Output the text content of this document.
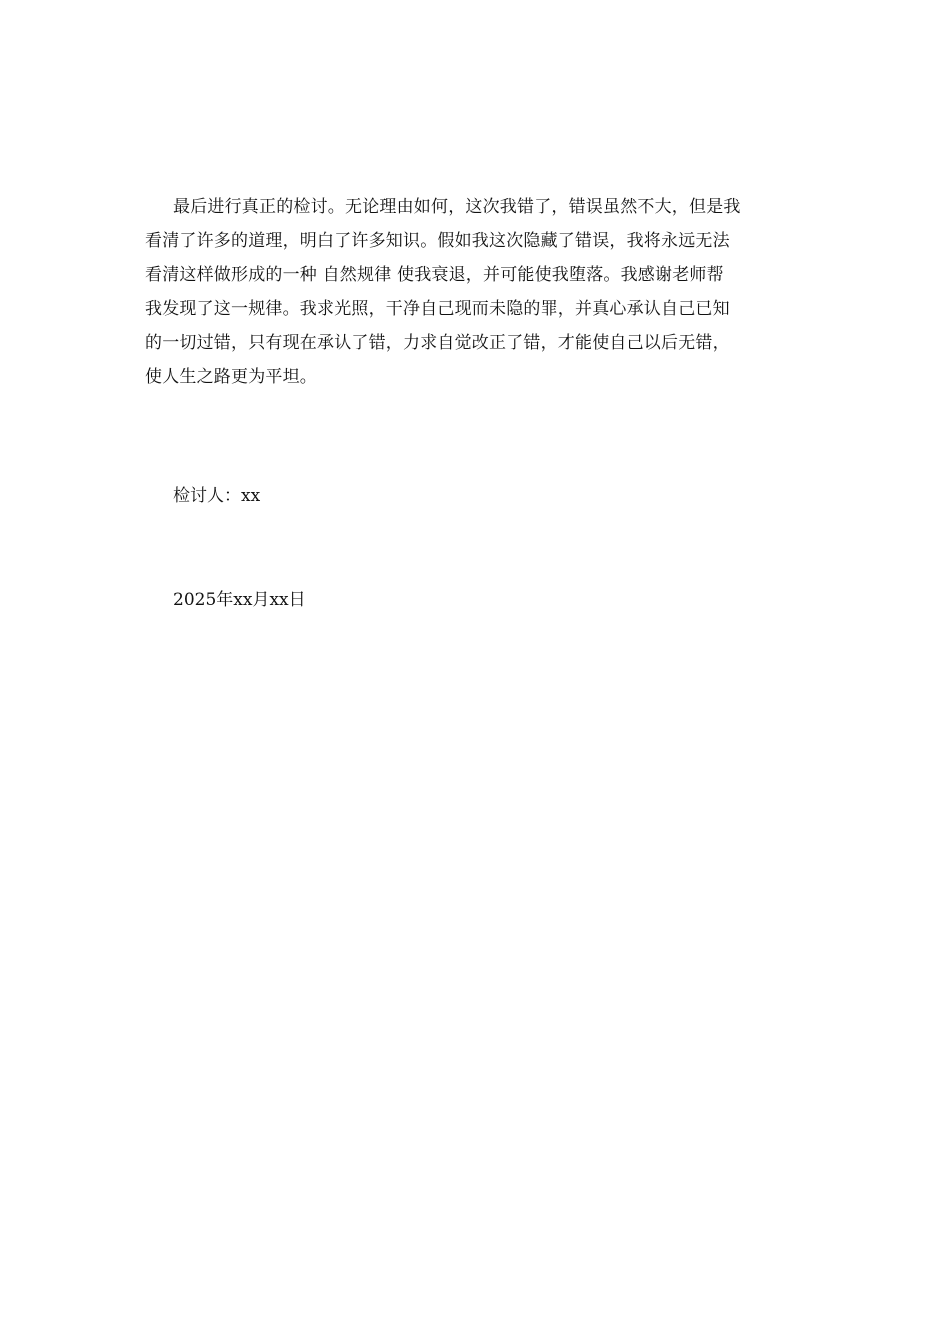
最后进行真正的检讨。无论理由如何，这次我错了，错误虽然不大，但是我
看清了许多的道理，明白了许多知识。假如我这次隐藏了错误，我将永远无法
看清这样做形成的一种 自然规律 使我衰退，并可能使我堕落。我感谢老师帮
我发现了这一规律。我求光照，干净自己现而未隐的罪，并真心承认自己已知
的一切过错，只有现在承认了错，力求自觉改正了错，才能使自己以后无错，
使人生之路更为平坦。
检讨人：xx
2025年xx月xx日
